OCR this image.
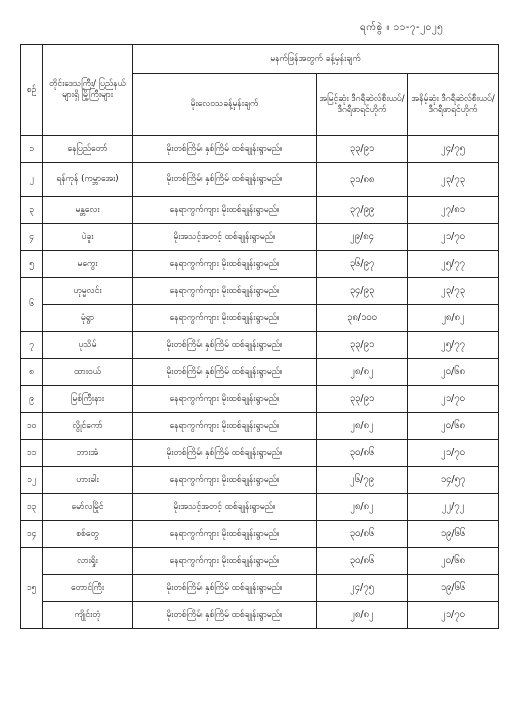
ရက်စွဲ ။ ၁၁-၇-၂၀၂၅
စဉ်	တိုင်းဒေသကြီး/ ပြည်နယ်များရှိ မြို့ကြီးများ	မနက်ဖြန်အတွက် ခန့်မှန်းချက်		
		မိုးလေဝသခန့်မှန်းချက်	အမြင့်ဆုံး ဒီဂရီဆဲလ်စီးယပ်/ ဒီဂရီဖာရင်ဟိုက်	အနိမ့်ဆုံး ဒီဂရီဆဲလ်စီးယပ်/ ဒီဂရီဖာရင်ဟိုက်
၁	နေပြည်တော်	မိုးတစ်ကြိမ်၊ နှစ်ကြိမ် ထစ်ချုန်းရွာမည်။	၃၃/၉၁	၂၄/၇၅
၂	ရန်ကုန် (ကမ္ဘာအေး)	မိုးတစ်ကြိမ်၊ နှစ်ကြိမ် ထစ်ချုန်းရွာမည်။	၃၁/၈၈	၂၃/၇၃
၃	မန္တလေး	နေရာကွက်ကျား မိုးထစ်ချုန်းရွာမည်။	၃၇/၉၉	၂၇/၈၁
၄	ပဲခူး	မိုးအသင့်အတင့် ထစ်ချုန်းရွာမည်။	၂၉/၈၄	၂၁/၇၀
၅	မကွေး	နေရာကွက်ကျား မိုးထစ်ချုန်းရွာမည်။	၃၆/၉၇	၂၅/၇၇
၆	ဟုမ္မလင်း	နေရာကွက်ကျား မိုးထစ်ချုန်းရွာမည်။	၃၄/၉၃	၂၃/၇၃
	မုံရွာ	နေရာကွက်ကျား မိုးထစ်ချုန်းရွာမည်။	၃၈/၁၀၀	၂၈/၈၂
၇	ပုသိမ်	မိုးတစ်ကြိမ်၊ နှစ်ကြိမ် ထစ်ချုန်းရွာမည်။	၃၃/၉၁	၂၅/၇၇
၈	ထားဝယ်	မိုးတစ်ကြိမ်၊ နှစ်ကြိမ် ထစ်ချုန်းရွာမည်။	၂၈/၈၂	၂၀/၆၈
၉	မြစ်ကြီးနား	နေရာကွက်ကျား မိုးထစ်ချုန်းရွာမည်။	၃၃/၉၁	၂၁/၇၀
၁၀	လွိုင်ကော်	နေရာကွက်ကျား မိုးထစ်ချုန်းရွာမည်။	၂၈/၈၂	၂၀/၆၈
၁၁	ဘားအံ	မိုးတစ်ကြိမ်၊ နှစ်ကြိမ် ထစ်ချုန်းရွာမည်။	၃၀/၈၆	၂၁/၇၀
၁၂	ဟားခါး	နေရာကွက်ကျား မိုးထစ်ချုန်းရွာမည်။	၂၆/၇၉	၁၄/၅၇
၁၃	မော်လမြိုင်	မိုးအသင့်အတင့် ထစ်ချုန်းရွာမည်။	၂၈/၈၂	၂၂/၇၂
၁၄	စစ်တွေ	နေရာကွက်ကျား မိုးထစ်ချုန်းရွာမည်။	၃၀/၈၆	၁၉/၆၆
၁၅	လားရှိုး	နေရာကွက်ကျား မိုးထစ်ချုန်းရွာမည်။	၃၀/၈၆	၂၀/၆၈
	တောင်ကြီး	မိုးတစ်ကြိမ်၊ နှစ်ကြိမ် ထစ်ချုန်းရွာမည်။	၂၄/၇၅	၁၉/၆၆
	ကျိုင်းတုံ	မိုးတစ်ကြိမ်၊ နှစ်ကြိမ် ထစ်ချုန်းရွာမည်။	၂၈/၈၂	၂၁/၇၀
